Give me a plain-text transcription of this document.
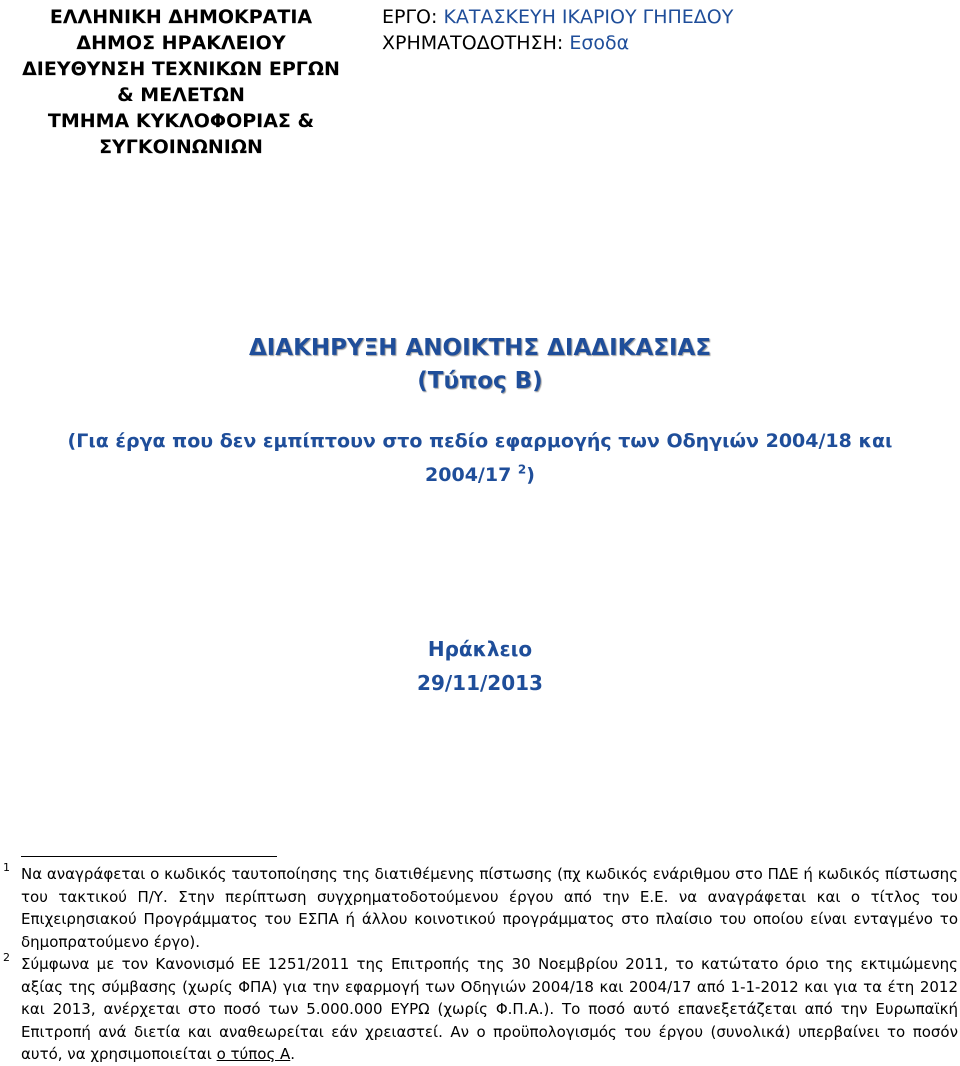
ΕΛΛΗΝΙΚΗ ΔΗΜΟΚΡΑΤΙΑ
ΔΗΜΟΣ ΗΡΑΚΛΕΙΟΥ
ΔΙΕΥΘΥΝΣΗ ΤΕΧΝΙΚΩΝ ΕΡΓΩΝ
& ΜΕΛΕΤΩΝ
ΤΜΗΜΑ ΚΥΚΛΟΦΟΡΙΑΣ &
ΣΥΓΚΟΙΝΩΝΙΩΝ
ΕΡΓΟ: ΚΑΤΑΣΚΕΥΗ ΙΚΑΡΙΟΥ ΓΗΠΕΔΟΥ
ΧΡΗΜΑΤΟΔΟΤΗΣΗ: Εσοδα
ΔΙΑΚΗΡΥΞΗ ΑΝΟΙΚΤΗΣ ΔΙΑΔΙΚΑΣΙΑΣ
(Τύπος Β)
(Για έργα που δεν εμπίπτουν στο πεδίο εφαρμογής των Οδηγιών 2004/18 και 2004/17 $^2$)
Ηράκλειο
29/11/2013
1 Να αναγράφεται ο κωδικός ταυτοποίησης της διατιθέμενης πίστωσης (πχ κωδικός ενάριθμου στο ΠΔΕ ή κωδικός πίστωσης του τακτικού Π/Υ. Στην περίπτωση συγχρηματοδοτούμενου έργου από την Ε.Ε. να αναγράφεται και ο τίτλος του Επιχειρησιακού Προγράμματος του ΕΣΠΑ ή άλλου κοινοτικού προγράμματος στο πλαίσιο του οποίου είναι ενταγμένο το δημοπρατούμενο έργο).
2 Σύμφωνα με τον Κανονισμό ΕΕ 1251/2011 της Επιτροπής της 30 Νοεμβρίου 2011, το κατώτατο όριο της εκτιμώμενης αξίας της σύμβασης (χωρίς ΦΠΑ) για την εφαρμογή των Οδηγιών 2004/18 και 2004/17 από 1-1-2012 και για τα έτη 2012 και 2013, ανέρχεται στο ποσό των 5.000.000 ΕΥΡΩ (χωρίς Φ.Π.Α.). Το ποσό αυτό επανεξετάζεται από την Ευρωπαϊκή Επιτροπή ανά διετία και αναθεωρείται εάν χρειαστεί. Αν ο προϋπολογισμός του έργου (συνολικά) υπερβαίνει το ποσόν αυτό, να χρησιμοποιείται ο τύπος Α.
